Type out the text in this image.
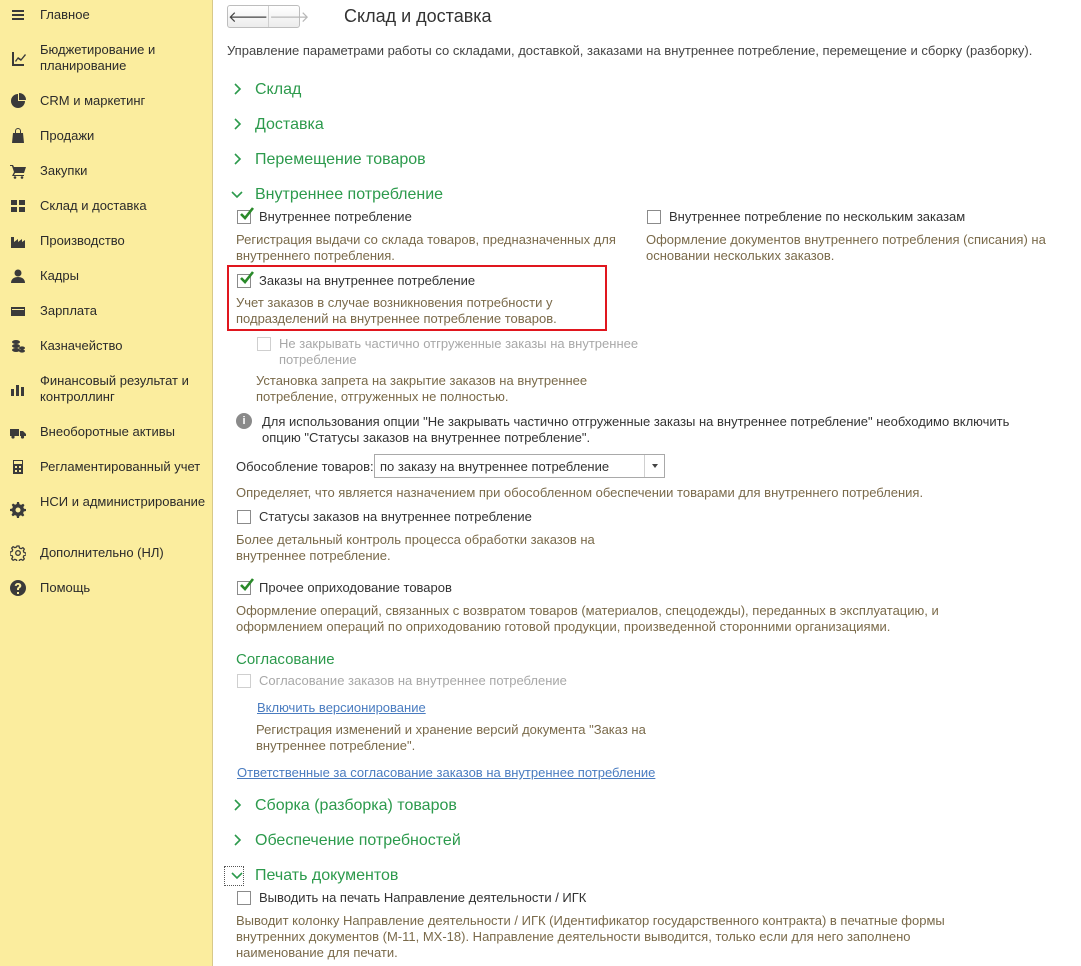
Главное
Бюджетирование и планирование
CRM и маркетинг
Продажи
Закупки
Склад и доставка
Производство
Кадры
Зарплата
Казначейство
Финансовый результат и контроллинг
Внеоборотные активы
Регламентированный учет
НСИ и администрирование
Дополнительно (НЛ)
Помощь
🡐 🡒 Склад и доставка
Управление параметрами работы со складами, доставкой, заказами на внутреннее потребление, перемещение и сборку (разборку).
Склад
Доставка
Перемещение товаров
Внутреннее потребление
Внутреннее потребление
Регистрация выдачи со склада товаров, предназначенных для
внутреннего потребления.
Внутреннее потребление по нескольким заказам
Оформление документов внутреннего потребления (списания) на
основании нескольких заказов.
Заказы на внутреннее потребление
Учет заказов в случае возникновения потребности у
подразделений на внутреннее потребление товаров.
Не закрывать частично отгруженные заказы на внутреннее
потребление
Установка запрета на закрытие заказов на внутреннее
потребление, отгруженных не полностью.
i	Для использования опции "Не закрывать частично отгруженные заказы на внутреннее потребление" необходимо включить
опцию "Статусы заказов на внутреннее потребление".
Обособление товаров: по заказу на внутреннее потребление
Определяет, что является назначением при обособленном обеспечении товарами для внутреннего потребления.
Статусы заказов на внутреннее потребление
Более детальный контроль процесса обработки заказов на
внутреннее потребление.
Прочее оприходование товаров
Оформление операций, связанных с возвратом товаров (материалов, спецодежды), переданных в эксплуатацию, и
оформлением операций по оприходованию готовой продукции, произведенной сторонними организациями.
Согласование
Согласование заказов на внутреннее потребление
Включить версионирование
Регистрация изменений и хранение версий документа "Заказ на
внутреннее потребление".
Ответственные за согласование заказов на внутреннее потребление
Сборка (разборка) товаров
Обеспечение потребностей
Печать документов
Выводить на печать Направление деятельности / ИГК
Выводит колонку Направление деятельности / ИГК (Идентификатор государственного контракта) в печатные формы
внутренних документов (М-11, МХ-18). Направление деятельности выводится, только если для него заполнено
наименование для печати.
